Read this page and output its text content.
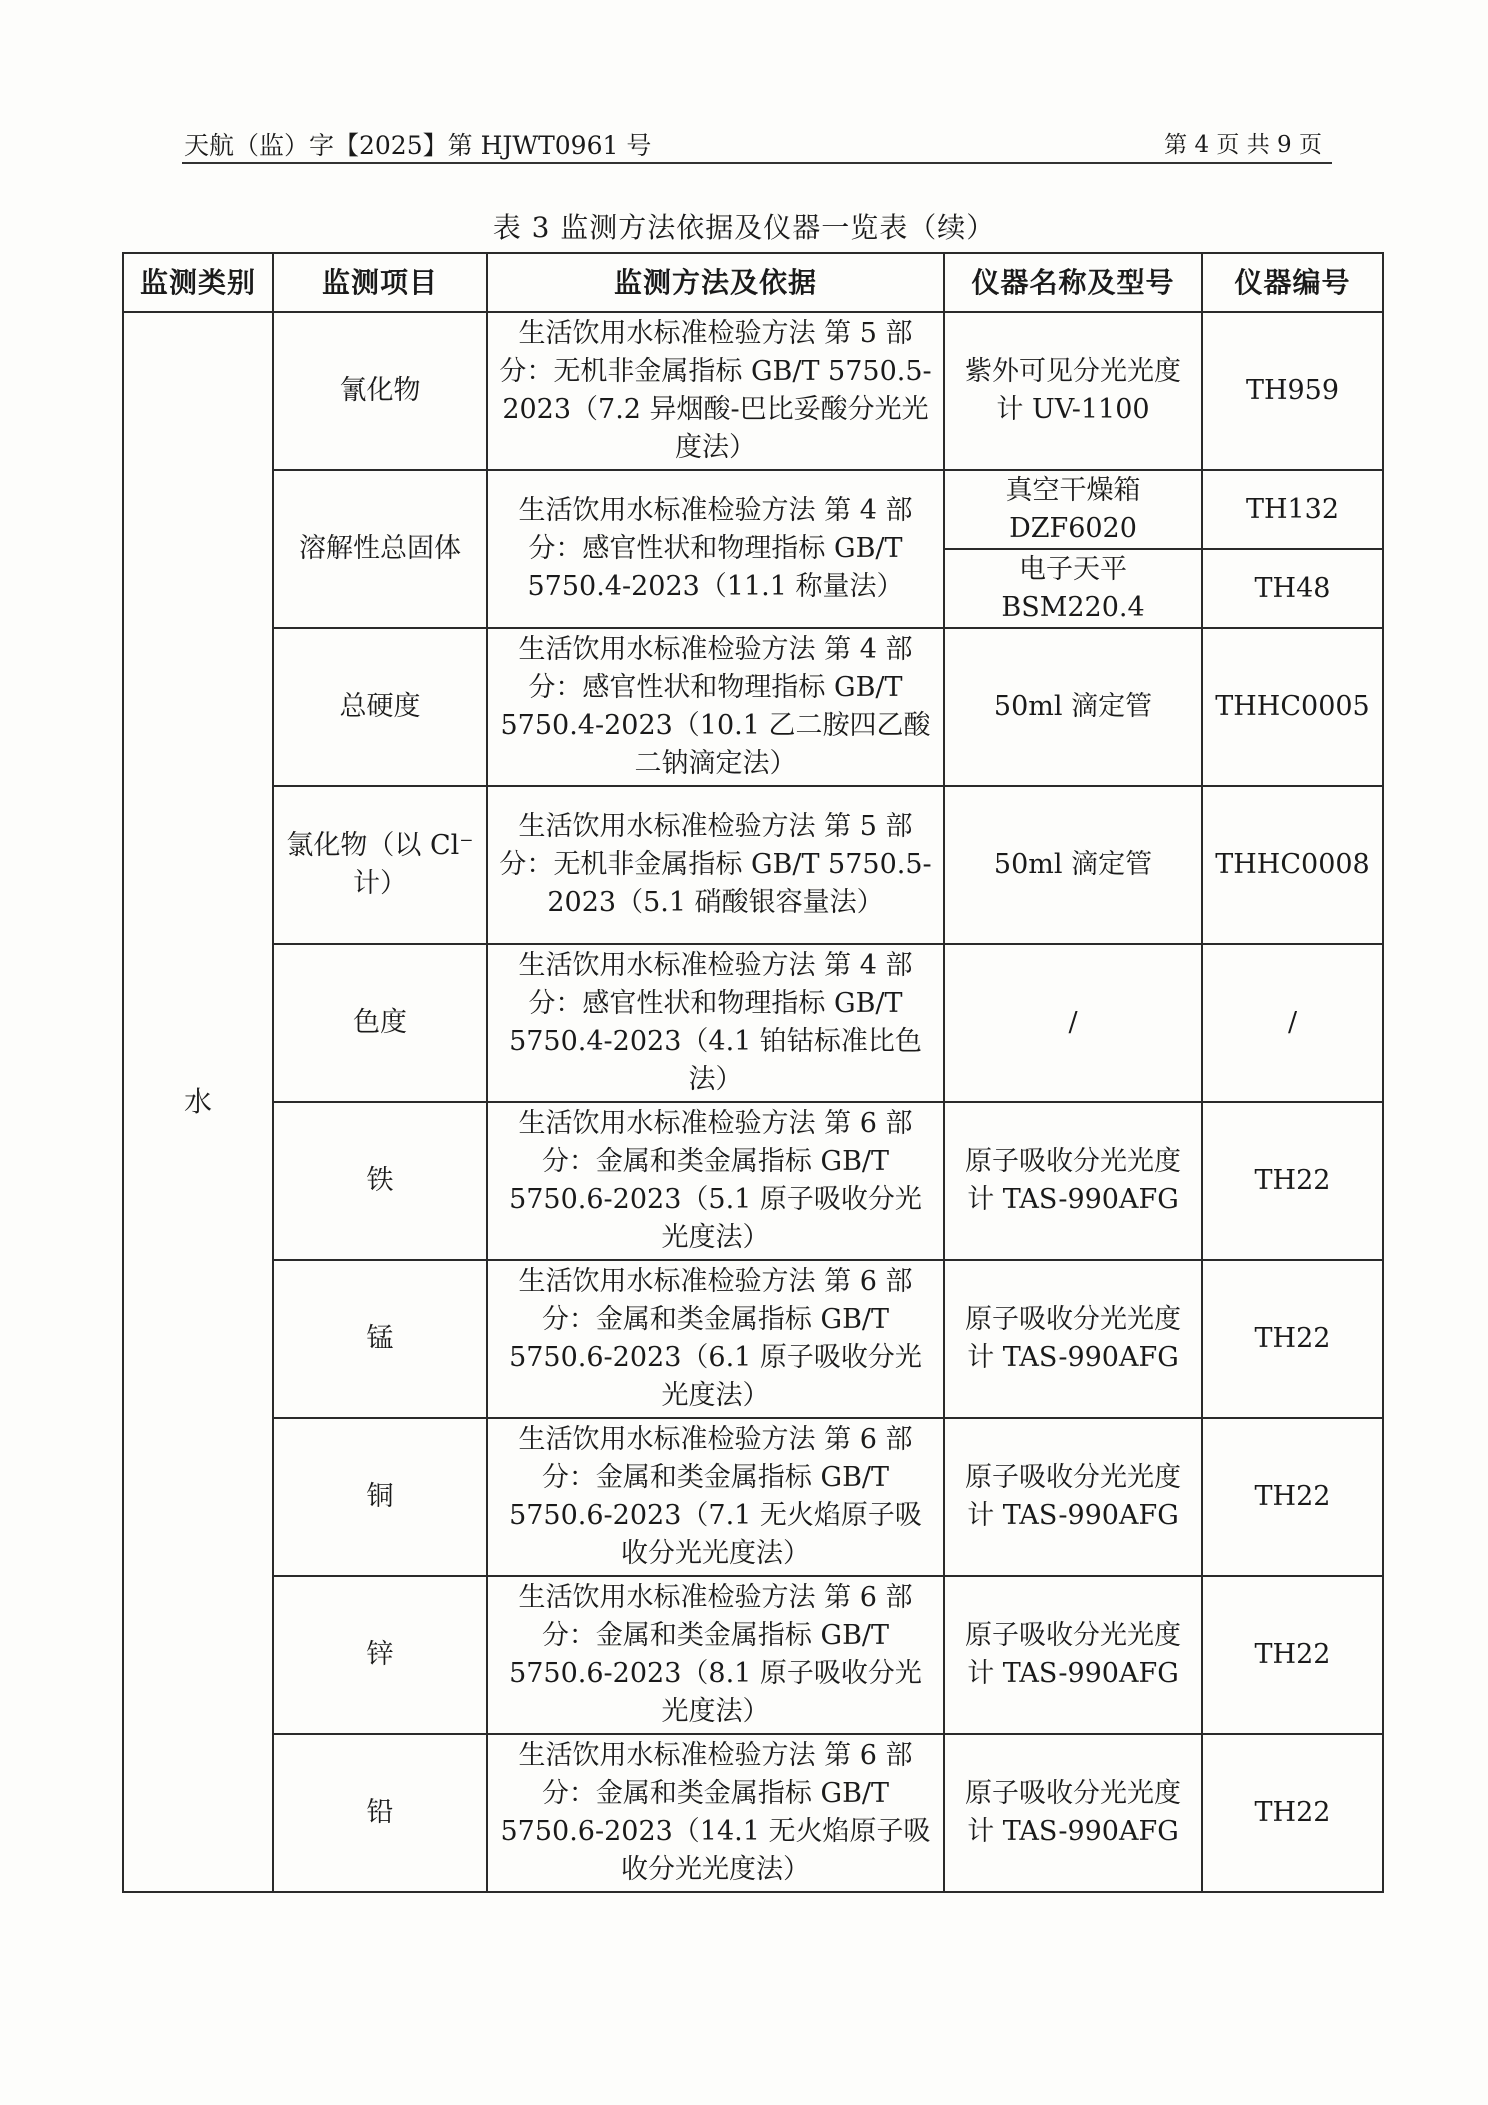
天航（监）字【2025】第 HJWT0961 号	第 4 页 共 9 页
表 3 监测方法依据及仪器一览表（续）
监测类别	监测项目	监测方法及依据	仪器名称及型号	仪器编号
水	氰化物	生活饮用水标准检验方法 第 5 部分：无机非金属指标 GB/T 5750.5-2023（7.2 异烟酸-巴比妥酸分光光度法）	紫外可见分光光度计 UV-1100	TH959
	溶解性总固体	生活饮用水标准检验方法 第 4 部分：感官性状和物理指标 GB/T 5750.4-2023（11.1 称量法）	真空干燥箱 DZF6020	TH132
			电子天平 BSM220.4	TH48
	总硬度	生活饮用水标准检验方法 第 4 部分：感官性状和物理指标 GB/T 5750.4-2023（10.1 乙二胺四乙酸二钠滴定法）	50ml 滴定管	THHC0005
	氯化物（以 Cl⁻计）	生活饮用水标准检验方法 第 5 部分：无机非金属指标 GB/T 5750.5-2023（5.1 硝酸银容量法）	50ml 滴定管	THHC0008
	色度	生活饮用水标准检验方法 第 4 部分：感官性状和物理指标 GB/T 5750.4-2023（4.1 铂钴标准比色法）	/	/
	铁	生活饮用水标准检验方法 第 6 部分：金属和类金属指标 GB/T 5750.6-2023（5.1 原子吸收分光光度法）	原子吸收分光光度计 TAS-990AFG	TH22
	锰	生活饮用水标准检验方法 第 6 部分：金属和类金属指标 GB/T 5750.6-2023（6.1 原子吸收分光光度法）	原子吸收分光光度计 TAS-990AFG	TH22
	铜	生活饮用水标准检验方法 第 6 部分：金属和类金属指标 GB/T 5750.6-2023（7.1 无火焰原子吸收分光光度法）	原子吸收分光光度计 TAS-990AFG	TH22
	锌	生活饮用水标准检验方法 第 6 部分：金属和类金属指标 GB/T 5750.6-2023（8.1 原子吸收分光光度法）	原子吸收分光光度计 TAS-990AFG	TH22
	铅	生活饮用水标准检验方法 第 6 部分：金属和类金属指标 GB/T 5750.6-2023（14.1 无火焰原子吸收分光光度法）	原子吸收分光光度计 TAS-990AFG	TH22
